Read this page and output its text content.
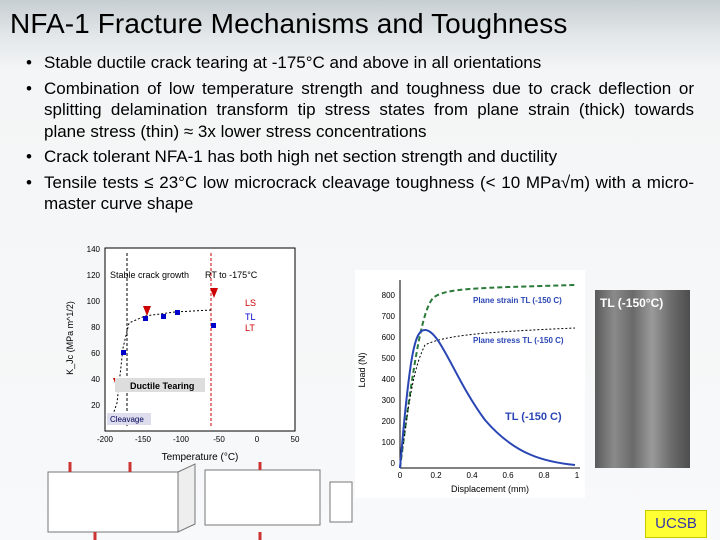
NFA-1 Fracture Mechanisms and Toughness
• Stable ductile crack tearing at -175°C and above in all orientations
• Combination of low temperature strength and toughness due to crack deflection or splitting delamination transform tip stress states from plane strain (thick) towards plane stress (thin) ≈ 3x lower stress concentrations
• Crack tolerant NFA-1 has both high net section strength and ductility
• Tensile tests ≤ 23°C low microcrack cleavage toughness (< 10 MPa√m) with a micro-master curve shape
Stable crack growth RT to -175°C
LS
TL
LT
Ductile Tearing
Cleavage
140
120
100
80
60
40
20
-200	-150	-100	-50	0	50
Temperature (°C)
K_Jc (MPa m^1/2)
Plane strain TL (-150 C)
Plane stress TL (-150 C)
TL (-150 C)
0
100
200
300
400
500
600
700
800
0	0.2	0.4	0.6	0.8	1
Displacement (mm)
Load (N)
TL (-150°C)
UCSB
